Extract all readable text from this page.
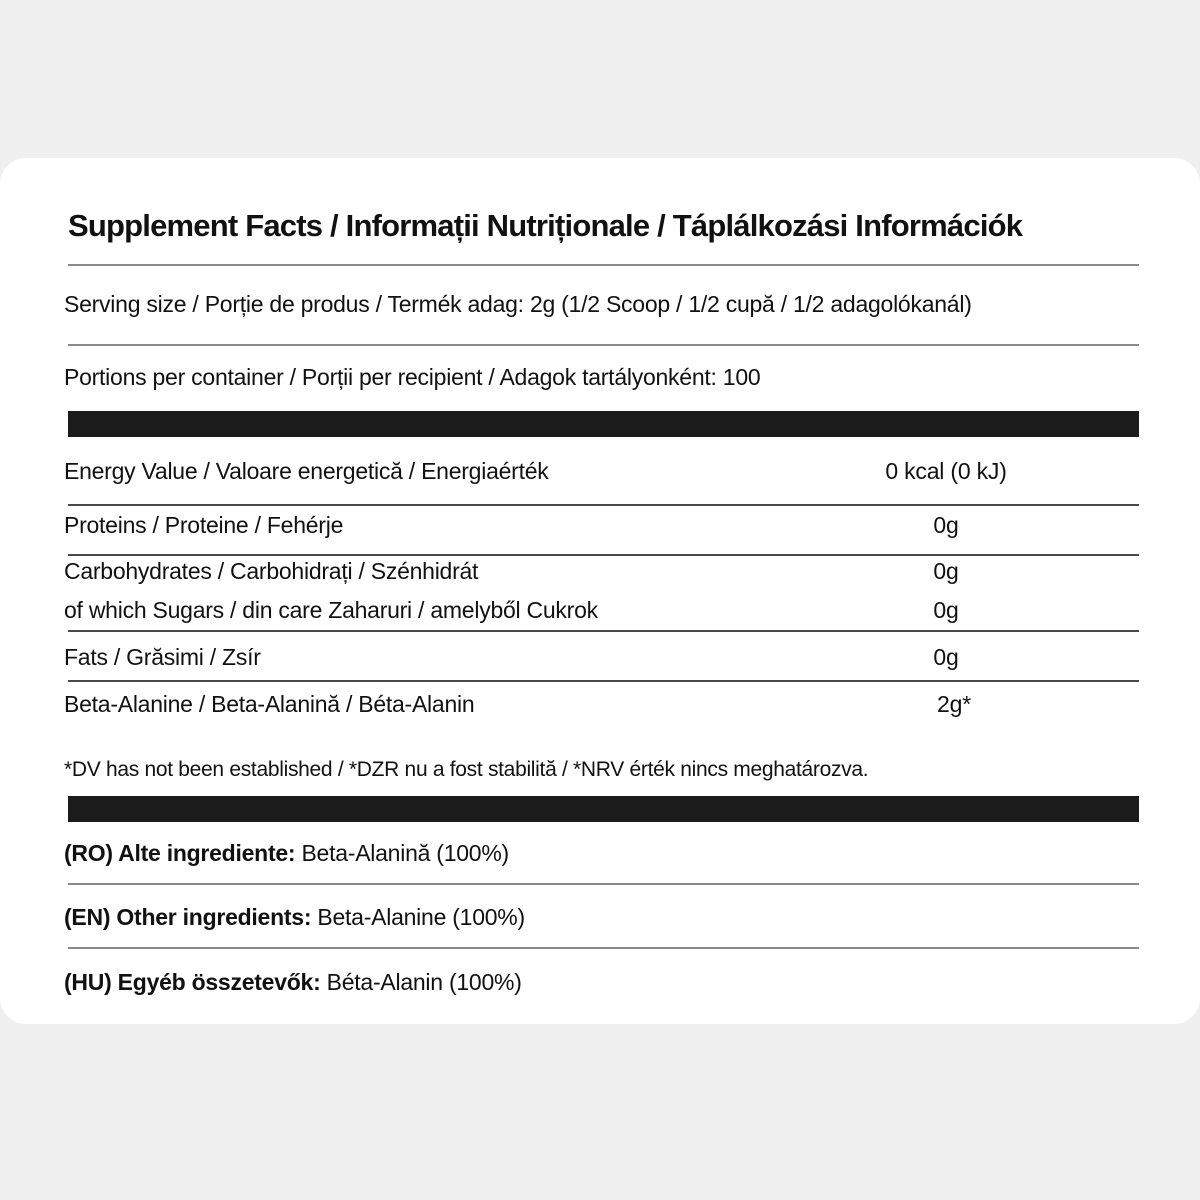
Supplement Facts / Informații Nutriționale / Táplálkozási Információk
Serving size / Porție de produs / Termék adag: 2g (1/2 Scoop / 1/2 cupă / 1/2 adagolókanál)
Portions per container / Porții per recipient / Adagok tartályonként: 100
Energy Value / Valoare energetică / Energiaérték	0 kcal (0 kJ)
Proteins / Proteine / Fehérje	0g
Carbohydrates / Carbohidrați / Szénhidrát	0g
of which Sugars / din care Zaharuri / amelyből Cukrok	0g
Fats / Grăsimi / Zsír	0g
Beta-Alanine / Beta-Alanină / Béta-Alanin	2g*
*DV has not been established / *DZR nu a fost stabilită / *NRV érték nincs meghatározva.
(RO) Alte ingrediente: Beta-Alanină (100%)
(EN) Other ingredients: Beta-Alanine (100%)
(HU) Egyéb összetevők: Béta-Alanin (100%)
